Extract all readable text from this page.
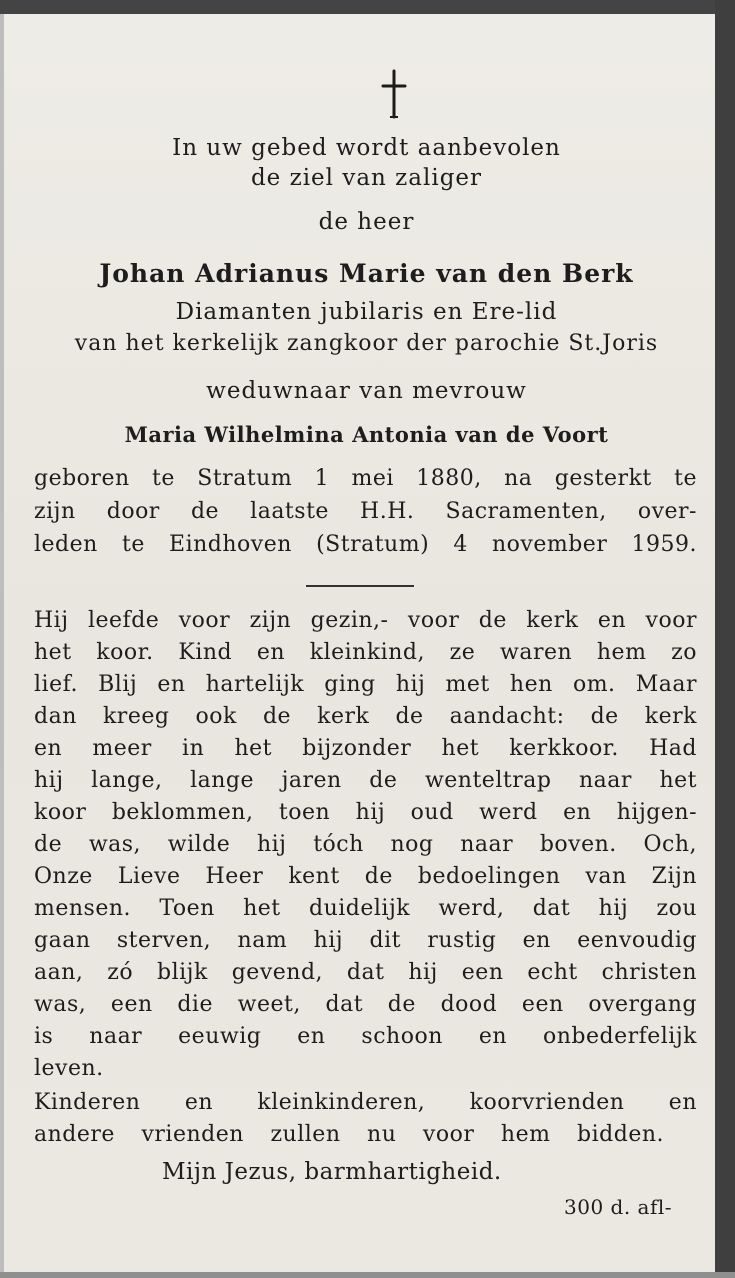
In uw gebed wordt aanbevolen
de ziel van zaliger
de heer
Johan Adrianus Marie van den Berk
Diamanten jubilaris en Ere-lid
van het kerkelijk zangkoor der parochie St.Joris
weduwnaar van mevrouw
Maria Wilhelmina Antonia van de Voort
geboren te Stratum 1 mei 1880, na gesterkt te
zijn door de laatste H.H. Sacramenten, over-
leden te Eindhoven (Stratum) 4 november 1959.
Hij leefde voor zijn gezin,- voor de kerk en voor
het koor. Kind en kleinkind, ze waren hem zo
lief. Blij en hartelijk ging hij met hen om. Maar
dan kreeg ook de kerk de aandacht: de kerk
en meer in het bijzonder het kerkkoor. Had
hij lange, lange jaren de wenteltrap naar het
koor beklommen, toen hij oud werd en hijgen-
de was, wilde hij tóch nog naar boven. Och,
Onze Lieve Heer kent de bedoelingen van Zijn
mensen. Toen het duidelijk werd, dat hij zou
gaan sterven, nam hij dit rustig en eenvoudig
aan, zó blijk gevend, dat hij een echt christen
was, een die weet, dat de dood een overgang
is naar eeuwig en schoon en onbederfelijk
leven.
Kinderen en kleinkinderen, koorvrienden en
andere vrienden zullen nu voor hem bidden.
Mijn Jezus, barmhartigheid.
300 d. afl-
